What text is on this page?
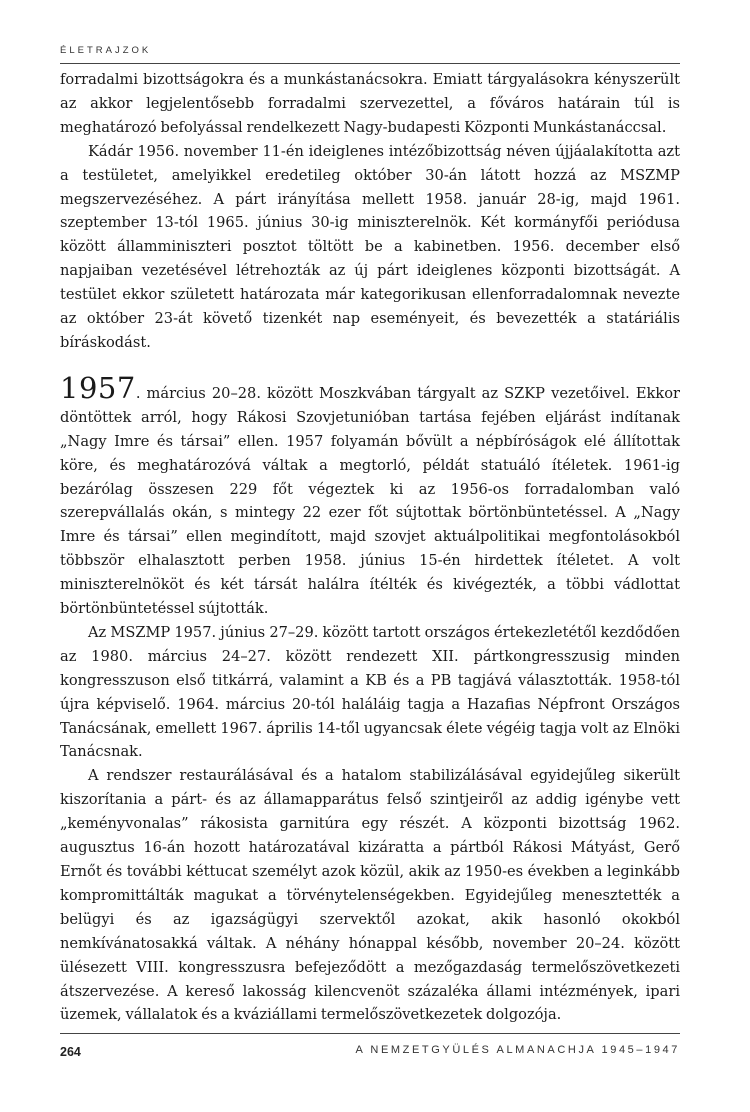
ÉLETRAJZOK

forradalmi bizottságokra és a munkástanácsokra. Emiatt tárgyalásokra kényszerült az akkor legjelentősebb forradalmi szervezettel, a főváros határain túl is meghatározó befolyással rendelkezett Nagy-budapesti Központi Munkástanáccsal.

Kádár 1956. november 11-én ideiglenes intézőbizottság néven újjáalakította azt a testületet, amelyikkel eredetileg október 30-án látott hozzá az MSZMP megszervezéséhez. A párt irányítása mellett 1958. január 28-ig, majd 1961. szeptember 13-tól 1965. június 30-ig miniszterelnök. Két kormányfői periódusa között államminiszteri posztot töltött be a kabinetben. 1956. december első napjaiban vezetésével létrehozták az új párt ideiglenes központi bizottságát. A testület ekkor született határozata már kategorikusan ellenforradalomnak nevezte az október 23-át követő tizenkét nap eseményeit, és bevezették a statáriális bíráskodást.

1957. március 20–28. között Moszkvában tárgyalt az SZKP vezetőivel. Ekkor döntöttek arról, hogy Rákosi Szovjetunióban tartása fejében eljárást indítanak „Nagy Imre és társai” ellen. 1957 folyamán bővült a népbíróságok elé állítottak köre, és meghatározóvá váltak a megtorló, példát statuáló ítéletek. 1961-ig bezárólag összesen 229 főt végeztek ki az 1956-os forradalomban való szerepvállalás okán, s mintegy 22 ezer főt sújtottak börtönbüntetéssel. A „Nagy Imre és társai” ellen megindított, majd szovjet aktuálpolitikai megfontolásokból többször elhalasztott perben 1958. június 15-én hirdettek ítéletet. A volt miniszterelnököt és két társát halálra ítélték és kivégezték, a többi vádlottat börtönbüntetéssel sújtották.

Az MSZMP 1957. június 27–29. között tartott országos értekezletétől kezdődően az 1980. március 24–27. között rendezett XII. pártkongresszusig minden kongresszuson első titkárrá, valamint a KB és a PB tagjává választották. 1958-tól újra képviselő. 1964. március 20-tól haláláig tagja a Hazafias Népfront Országos Tanácsának, emellett 1967. április 14-től ugyancsak élete végéig tagja volt az Elnöki Tanácsnak.

A rendszer restaurálásával és a hatalom stabilizálásával egyidejűleg sikerült kiszorítania a párt- és az államapparátus felső szintjeiről az addig igénybe vett „keményvonalas” rákosista garnitúra egy részét. A központi bizottság 1962. augusztus 16-án hozott határozatával kizáratta a pártból Rákosi Mátyást, Gerő Ernőt és további kéttucat személyt azok közül, akik az 1950-es években a leginkább kompromittálták magukat a törvénytelenségekben. Egyidejűleg menesztették a belügyi és az igazságügyi szervektől azokat, akik hasonló okokból nemkívánatosakká váltak. A néhány hónappal később, november 20–24. között ülésezett VIII. kongresszusra befejeződött a mezőgazdaság termelőszövetkezeti átszervezése. A kereső lakosság kilencvenöt százaléka állami intézmények, ipari üzemek, vállalatok és a kváziállami termelőszövetkezetek dolgozója.

264	A NEMZETGYÜLÉS ALMANACHJA 1945–1947
